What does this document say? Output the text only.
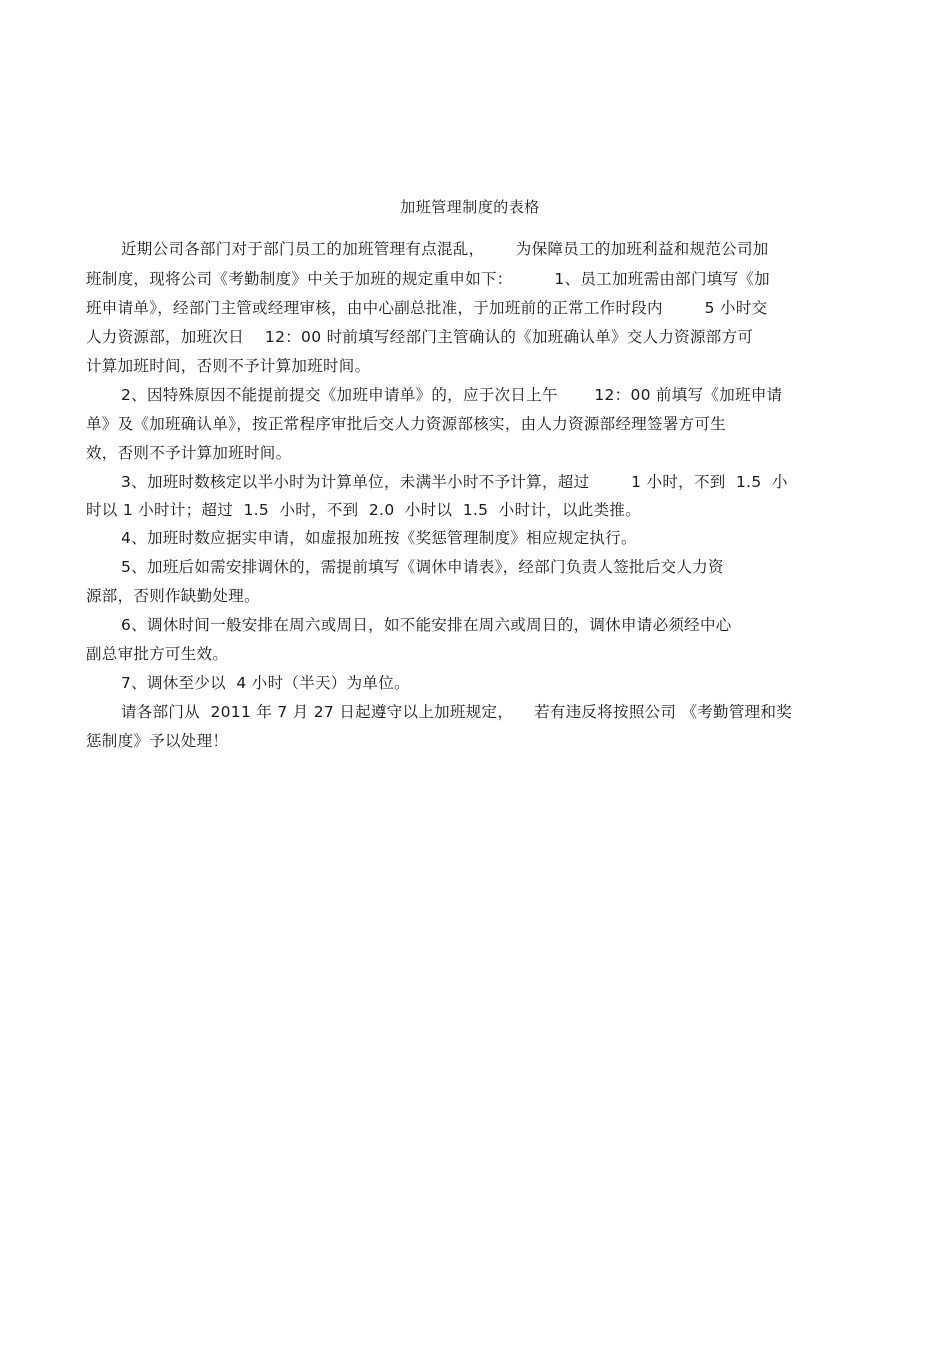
加班管理制度的表格
近期公司各部门对于部门员工的加班管理有点混乱，      为保障员工的加班利益和规范公司加
班制度，现将公司《考勤制度》中关于加班的规定重申如下：        1、员工加班需由部门填写《加
班申请单》，经部门主管或经理审核，由中心副总批准，于加班前的正常工作时段内        5 小时交
人力资源部，加班次日    12：00 时前填写经部门主管确认的《加班确认单》交人力资源部方可
计算加班时间，否则不予计算加班时间。
2、因特殊原因不能提前提交《加班申请单》的，应于次日上午       12：00 前填写《加班申请
单》及《加班确认单》，按正常程序审批后交人力资源部核实，由人力资源部经理签署方可生
效，否则不予计算加班时间。
3、加班时数核定以半小时为计算单位，未满半小时不予计算，超过        1 小时，不到  1.5  小
时以 1 小时计；超过  1.5  小时，不到  2.0  小时以  1.5  小时计，以此类推。
4、加班时数应据实申请，如虚报加班按《奖惩管理制度》相应规定执行。
5、加班后如需安排调休的，需提前填写《调休申请表》，经部门负责人签批后交人力资
源部，否则作缺勤处理。
6、调休时间一般安排在周六或周日，如不能安排在周六或周日的，调休申请必须经中心
副总审批方可生效。
7、调休至少以  4 小时（半天）为单位。
请各部门从  2011 年 7 月 27 日起遵守以上加班规定，    若有违反将按照公司 《考勤管理和奖
惩制度》予以处理！
